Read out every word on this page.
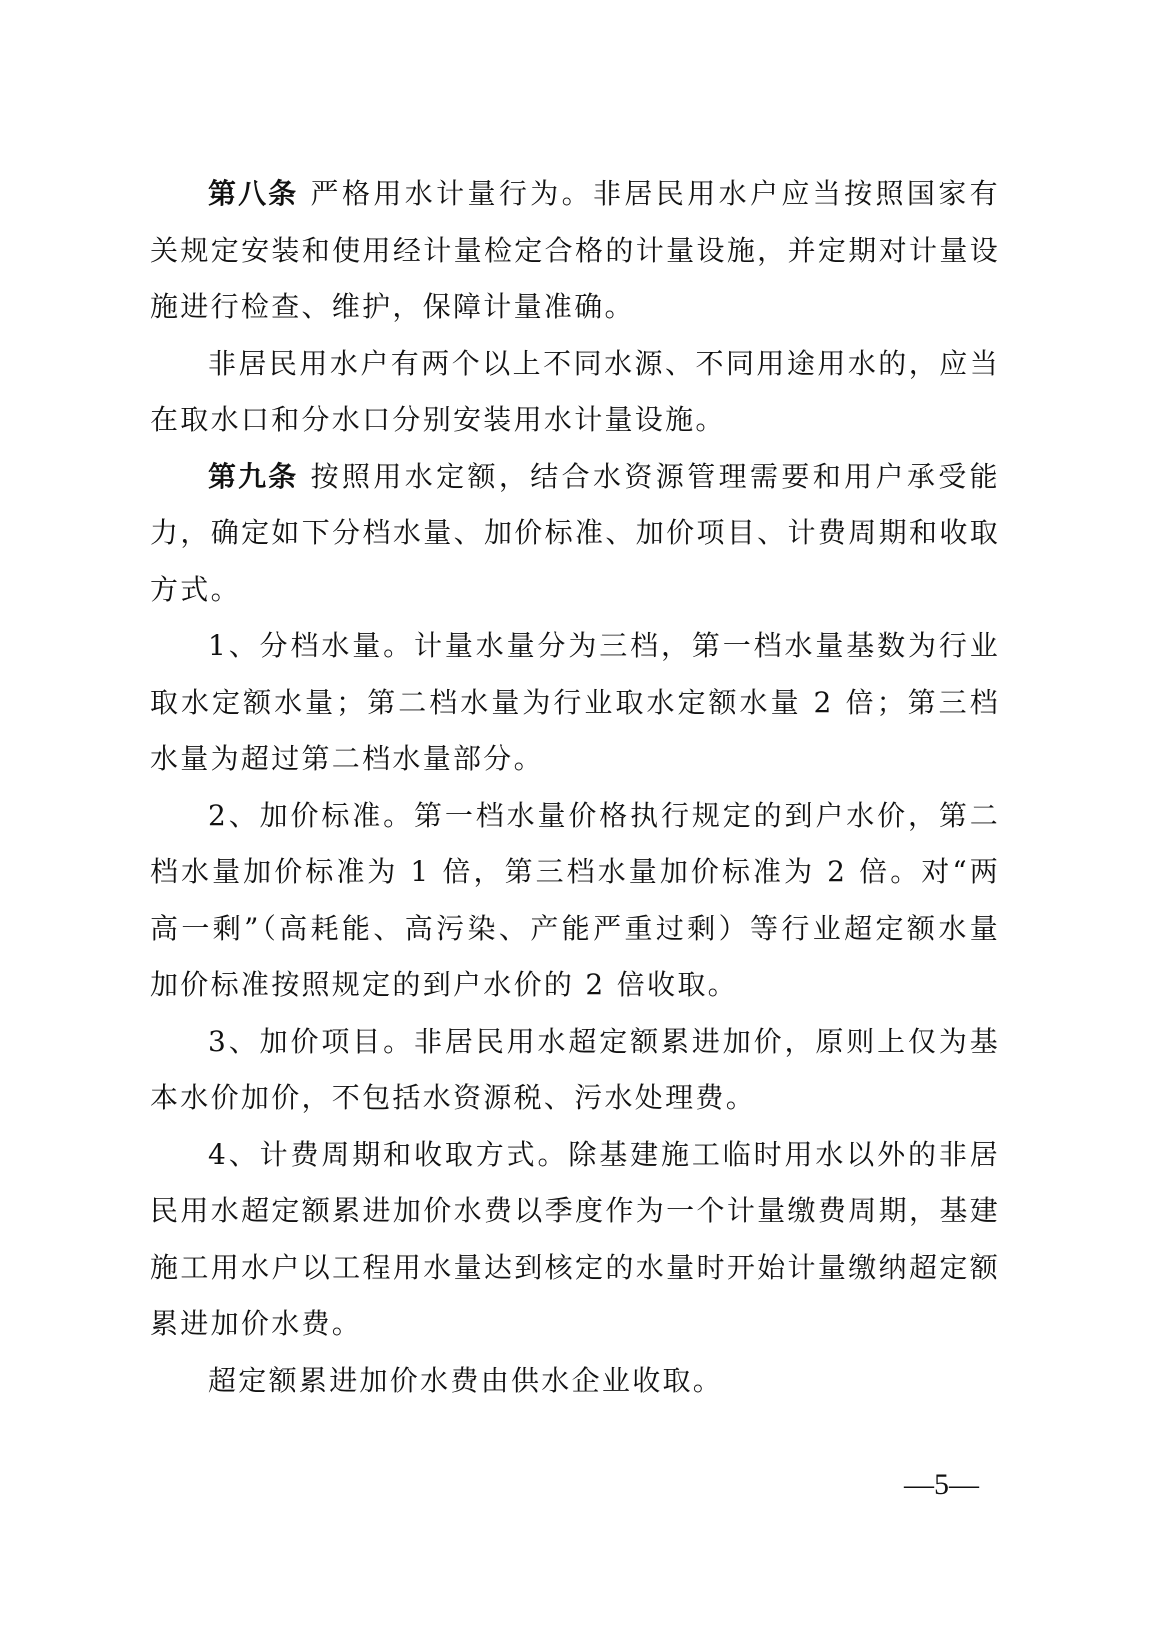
第八条 严格用水计量行为。非居民用水户应当按照国家有关规定安装和使用经计量检定合格的计量设施，并定期对计量设施进行检查、维护，保障计量准确。

非居民用水户有两个以上不同水源、不同用途用水的，应当在取水口和分水口分别安装用水计量设施。

第九条 按照用水定额，结合水资源管理需要和用户承受能力，确定如下分档水量、加价标准、加价项目、计费周期和收取方式。

1、分档水量。计量水量分为三档，第一档水量基数为行业取水定额水量；第二档水量为行业取水定额水量 2 倍；第三档水量为超过第二档水量部分。

2、加价标准。第一档水量价格执行规定的到户水价，第二档水量加价标准为 1 倍，第三档水量加价标准为 2 倍。对“两高一剩”（高耗能、高污染、产能严重过剩）等行业超定额水量加价标准按照规定的到户水价的 2 倍收取。

3、加价项目。非居民用水超定额累进加价，原则上仅为基本水价加价，不包括水资源税、污水处理费。

4、计费周期和收取方式。除基建施工临时用水以外的非居民用水超定额累进加价水费以季度作为一个计量缴费周期，基建施工用水户以工程用水量达到核定的水量时开始计量缴纳超定额累进加价水费。

超定额累进加价水费由供水企业收取。

—5—
